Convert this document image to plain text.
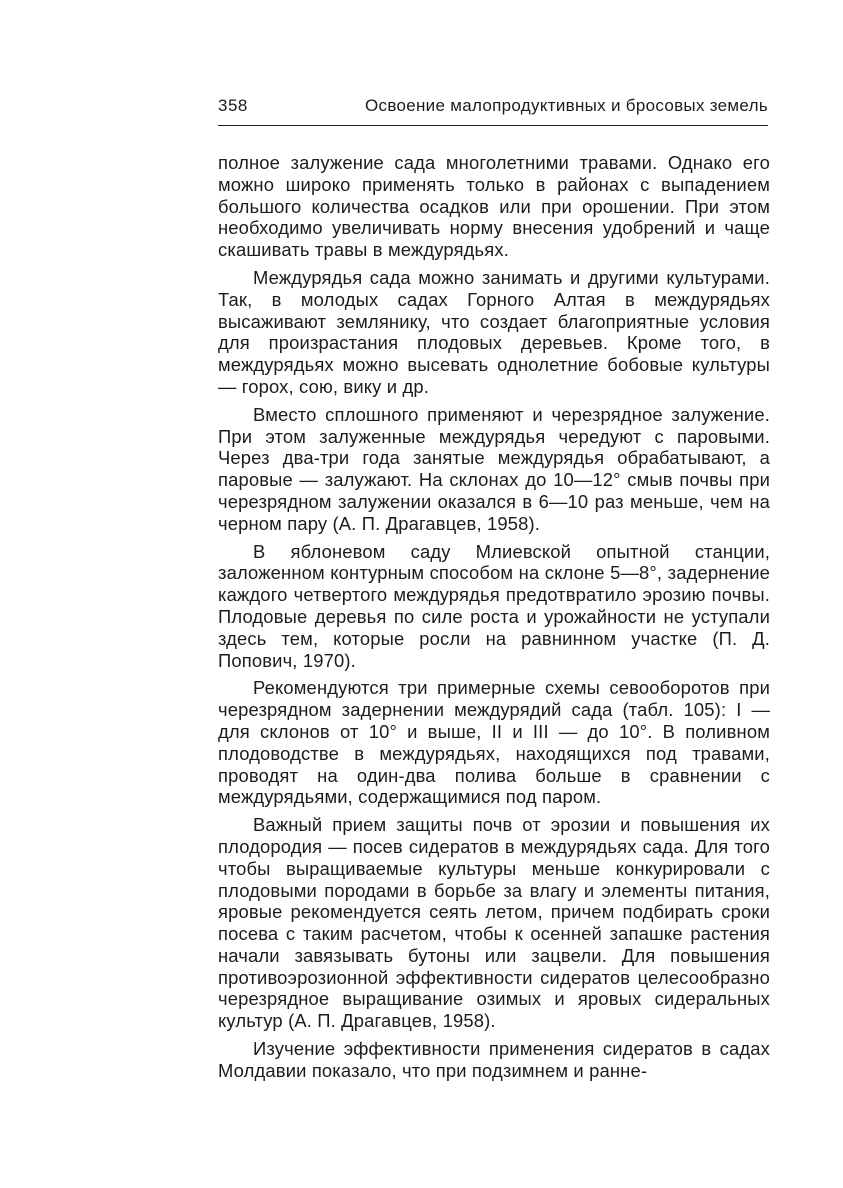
358	Освоение малопродуктивных и бросовых земель

полное залужение сада многолетними травами. Однако его можно широко применять только в районах с выпадением большого количества осадков или при орошении. При этом необходимо увеличивать норму внесения удобрений и чаще скашивать травы в междурядьях.

Междурядья сада можно занимать и другими культурами. Так, в молодых садах Горного Алтая в междурядьях высаживают землянику, что создает благоприятные условия для произрастания плодовых деревьев. Кроме того, в междурядьях можно высевать однолетние бобовые культуры — горох, сою, вику и др.

Вместо сплошного применяют и черезрядное залужение. При этом залуженные междурядья чередуют с паровыми. Через два-три года занятые междурядья обрабатывают, а паровые — залужают. На склонах до 10—12° смыв почвы при черезрядном залужении оказался в 6—10 раз меньше, чем на черном пару (А. П. Драгавцев, 1958).

В яблоневом саду Млиевской опытной станции, заложенном контурным способом на склоне 5—8°, задернение каждого четвертого междурядья предотвратило эрозию почвы. Плодовые деревья по силе роста и урожайности не уступали здесь тем, которые росли на равнинном участке (П. Д. Попович, 1970).

Рекомендуются три примерные схемы севооборотов при черезрядном задернении междурядий сада (табл. 105): I — для склонов от 10° и выше, II и III — до 10°. В поливном плодоводстве в междурядьях, находящихся под травами, проводят на один-два полива больше в сравнении с междурядьями, содержащимися под паром.

Важный прием защиты почв от эрозии и повышения их плодородия — посев сидератов в междурядьях сада. Для того чтобы выращиваемые культуры меньше конкурировали с плодовыми породами в борьбе за влагу и элементы питания, яровые рекомендуется сеять летом, причем подбирать сроки посева с таким расчетом, чтобы к осенней запашке растения начали завязывать бутоны или зацвели. Для повышения противоэрозионной эффективности сидератов целесообразно черезрядное выращивание озимых и яровых сидеральных культур (А. П. Драгавцев, 1958).

Изучение эффективности применения сидератов в садах Молдавии показало, что при подзимнем и ранне-
